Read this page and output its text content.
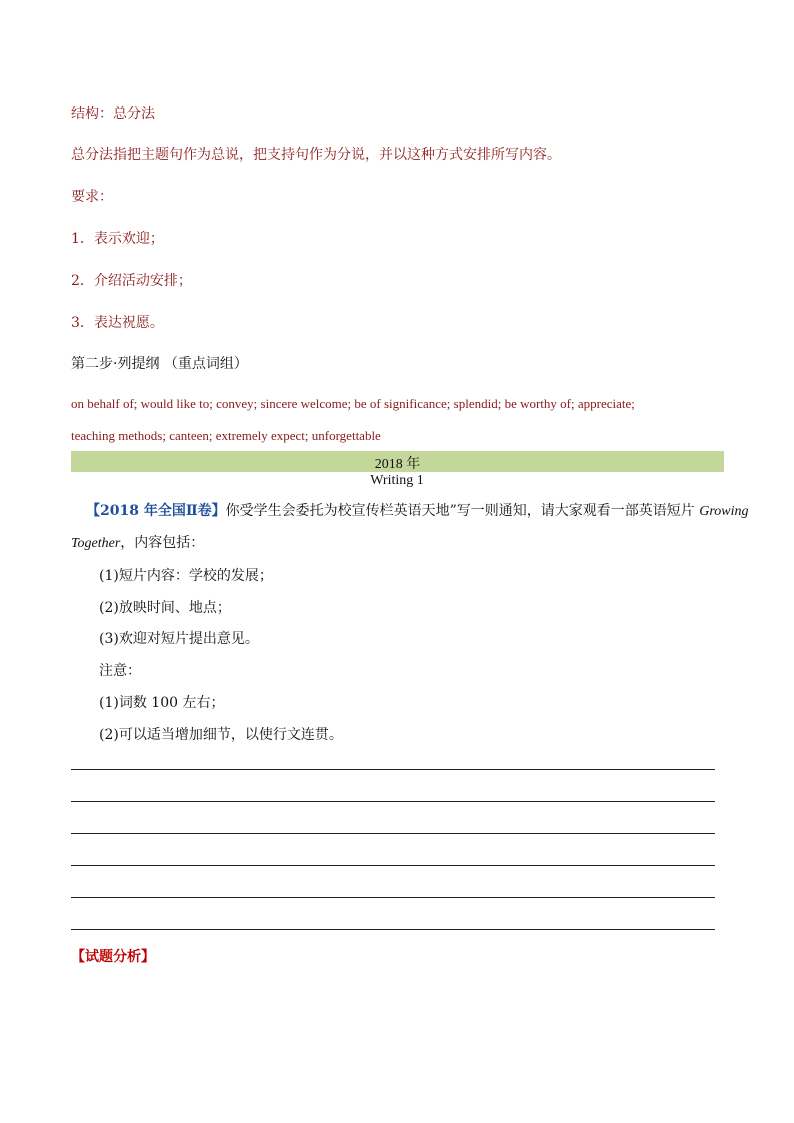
结构：总分法
总分法指把主题句作为总说，把支持句作为分说，并以这种方式安排所写内容。
要求：
1．表示欢迎；
2．介绍活动安排；
3．表达祝愿。
第二步·列提纲 （重点词组）
on behalf of; would like to; convey; sincere welcome; be of significance; splendid; be worthy of; appreciate;
teaching methods; canteen; extremely expect; unforgettable
2018 年
Writing 1
【2018 年全国Ⅱ卷】你受学生会委托为校宣传栏英语天地”写一则通知，请大家观看一部英语短片 Growing
Together，内容包括：
(1)短片内容：学校的发展；
(2)放映时间、地点；
(3)欢迎对短片提出意见。
注意：
(1)词数 100 左右；
(2)可以适当增加细节，以使行文连贯。
【试题分析】
